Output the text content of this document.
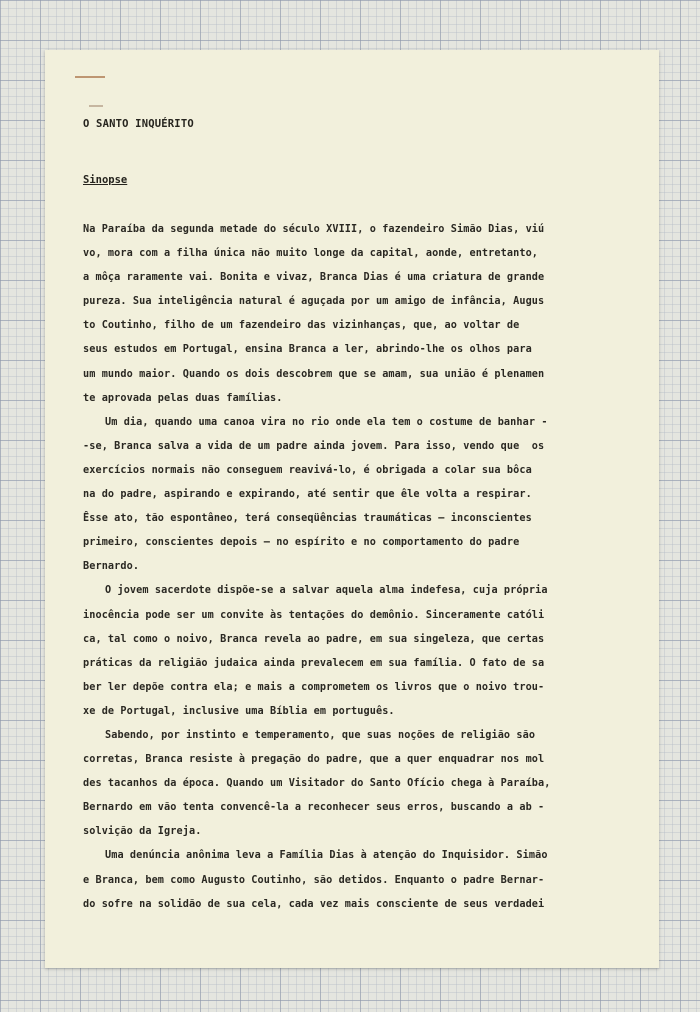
O SANTO INQUÉRITO
Sinopse
Na Paraíba da segunda metade do século XVIII, o fazendeiro Simão Dias, viú
vo, mora com a filha única não muito longe da capital, aonde, entretanto,
a môça raramente vai. Bonita e vivaz, Branca Dias é uma criatura de grande
pureza. Sua inteligência natural é aguçada por um amigo de infância, Augus
to Coutinho, filho de um fazendeiro das vizinhanças, que, ao voltar de
seus estudos em Portugal, ensina Branca a ler, abrindo-lhe os olhos para
um mundo maior. Quando os dois descobrem que se amam, sua união é plenamen
te aprovada pelas duas famílias.
Um dia, quando uma canoa vira no rio onde ela tem o costume de banhar -
-se, Branca salva a vida de um padre ainda jovem. Para isso, vendo que  os
exercícios normais não conseguem reavivá-lo, é obrigada a colar sua bôca
na do padre, aspirando e expirando, até sentir que êle volta a respirar.
Êsse ato, tão espontâneo, terá conseqüências traumáticas — inconscientes
primeiro, conscientes depois — no espírito e no comportamento do padre
Bernardo.
O jovem sacerdote dispõe-se a salvar aquela alma indefesa, cuja própria
inocência pode ser um convite às tentações do demônio. Sinceramente católi
ca, tal como o noivo, Branca revela ao padre, em sua singeleza, que certas
práticas da religião judaica ainda prevalecem em sua família. O fato de sa
ber ler depõe contra ela; e mais a comprometem os livros que o noivo trou-
xe de Portugal, inclusive uma Bíblia em português.
Sabendo, por instinto e temperamento, que suas noções de religião são
corretas, Branca resiste à pregação do padre, que a quer enquadrar nos mol
des tacanhos da época. Quando um Visitador do Santo Ofício chega à Paraíba,
Bernardo em vão tenta convencê-la a reconhecer seus erros, buscando a ab -
solvição da Igreja.
Uma denúncia anônima leva a Família Dias à atenção do Inquisidor. Simão
e Branca, bem como Augusto Coutinho, são detidos. Enquanto o padre Bernar-
do sofre na solidão de sua cela, cada vez mais consciente de seus verdadei
